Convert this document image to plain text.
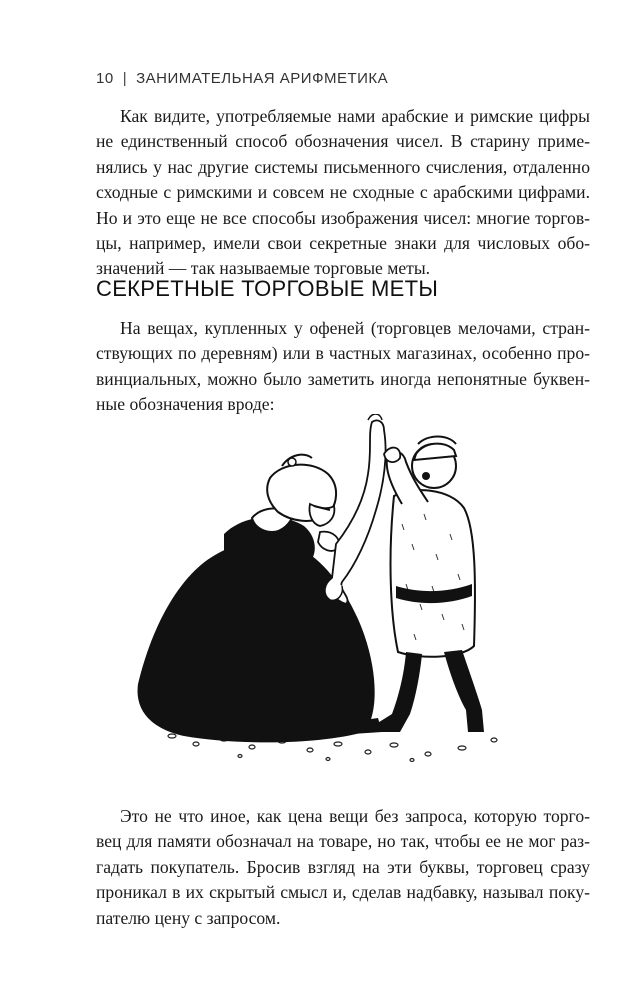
10 | ЗАНИМАТЕЛЬНАЯ АРИФМЕТИКА
Как видите, употребляемые нами арабские и римские цифры
не единственный способ обозначения чисел. В старину приме-
нялись у нас другие системы письменного счисления, отдаленно
сходные с римскими и совсем не сходные с арабскими цифрами.
Но и это еще не все способы изображения чисел: многие торгов-
цы, например, имели свои секретные знаки для числовых обо-
значений — так называемые торговые меты.
СЕКРЕТНЫЕ ТОРГОВЫЕ МЕТЫ
На вещах, купленных у офеней (торговцев мелочами, стран-
ствующих по деревням) или в частных магазинах, особенно про-
винциальных, можно было заметить иногда непонятные буквен-
ные обозначения вроде:
Это не что иное, как цена вещи без запроса, которую торго-
вец для памяти обозначал на товаре, но так, чтобы ее не мог раз-
гадать покупатель. Бросив взгляд на эти буквы, торговец сразу
проникал в их скрытый смысл и, сделав надбавку, называл поку-
пателю цену с запросом.
